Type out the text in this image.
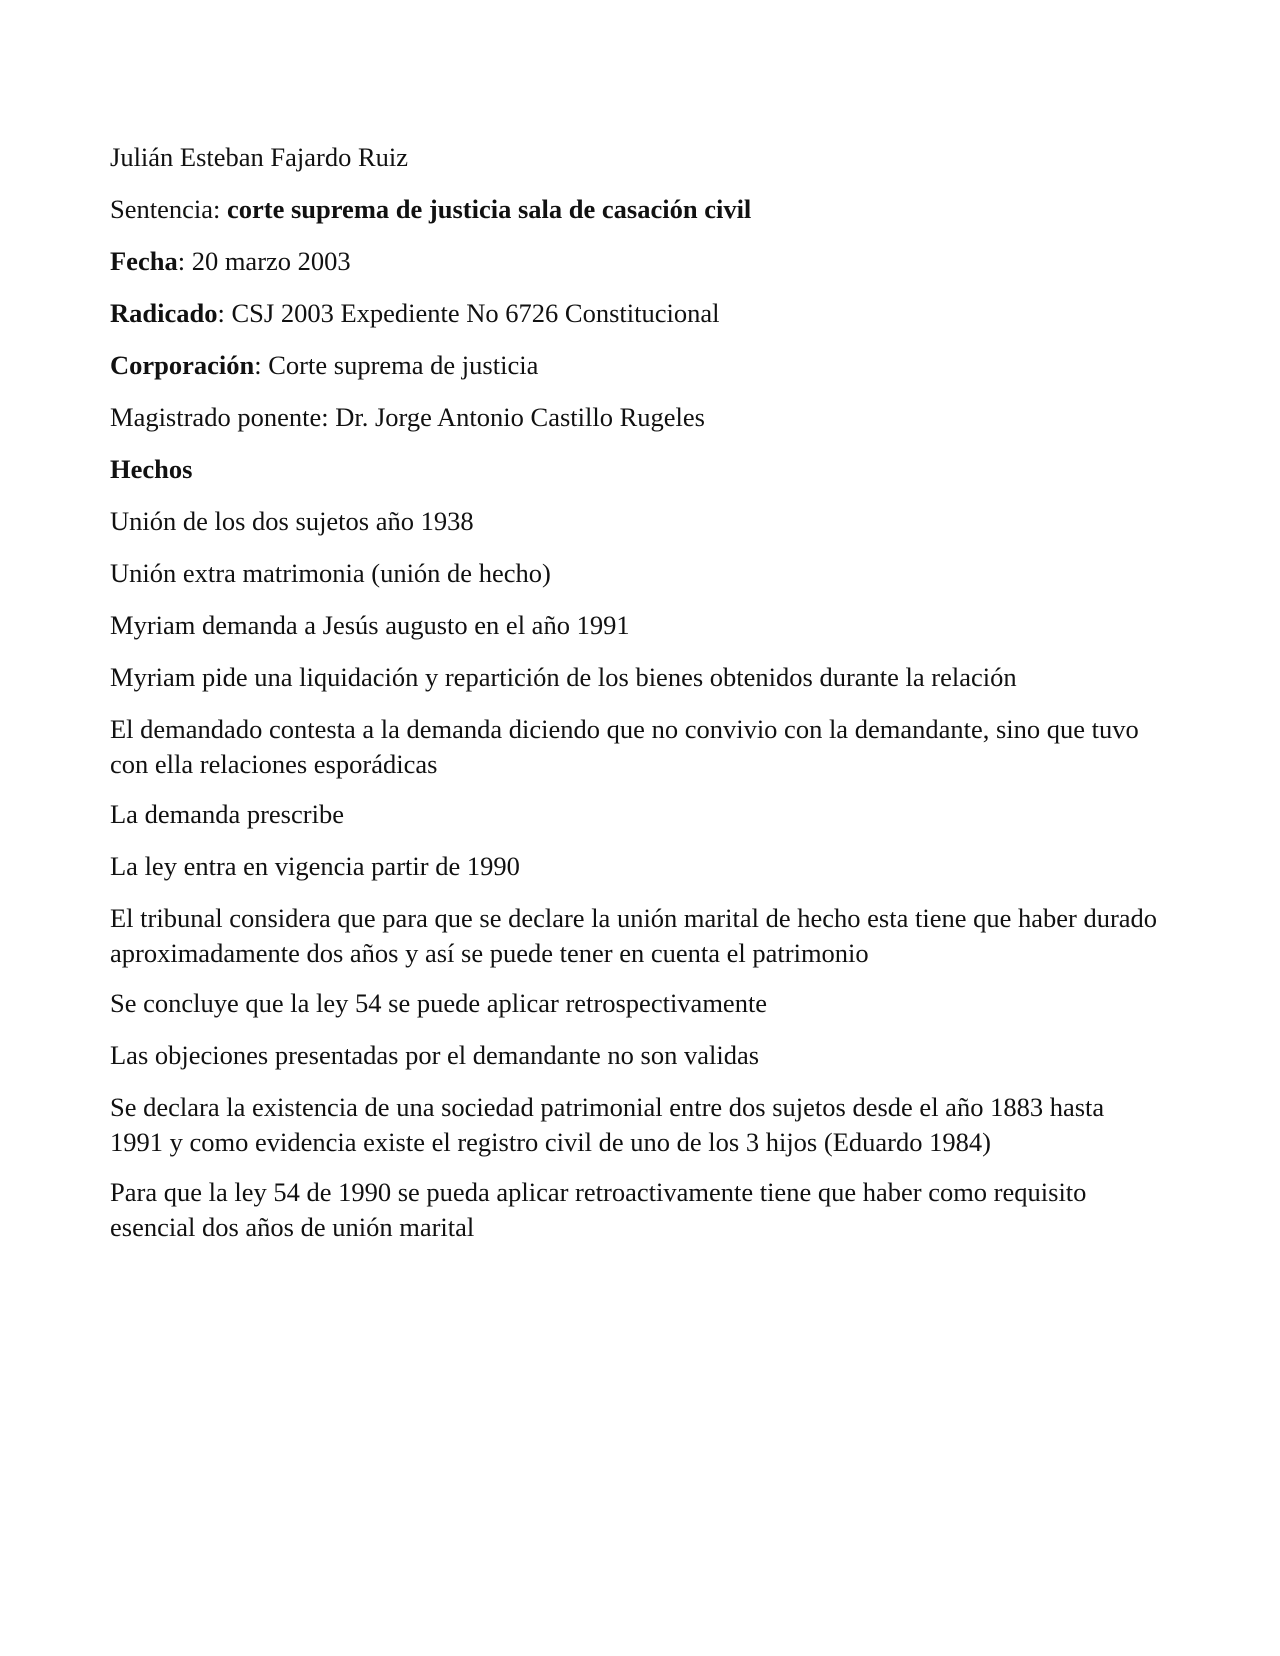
Julián Esteban Fajardo Ruiz

Sentencia: corte suprema de justicia sala de casación civil

Fecha: 20 marzo 2003

Radicado: CSJ 2003 Expediente No 6726 Constitucional

Corporación: Corte suprema de justicia

Magistrado ponente: Dr. Jorge Antonio Castillo Rugeles

Hechos

Unión de los dos sujetos año 1938

Unión extra matrimonia (unión de hecho)

Myriam demanda a Jesús augusto en el año 1991

Myriam pide una liquidación y repartición de los bienes obtenidos durante la relación

El demandado contesta a la demanda diciendo que no convivio con la demandante, sino que tuvo con ella relaciones esporádicas

La demanda prescribe

La ley entra en vigencia partir de 1990

El tribunal considera que para que se declare la unión marital de hecho esta tiene que haber durado aproximadamente dos años y así se puede tener en cuenta el patrimonio

Se concluye que la ley 54 se puede aplicar retrospectivamente

Las objeciones presentadas por el demandante no son validas

Se declara la existencia de una sociedad patrimonial entre dos sujetos desde el año 1883 hasta 1991 y como evidencia existe el registro civil de uno de los 3 hijos (Eduardo 1984)

Para que la ley 54 de 1990 se pueda aplicar retroactivamente tiene que haber como requisito esencial dos años de unión marital
